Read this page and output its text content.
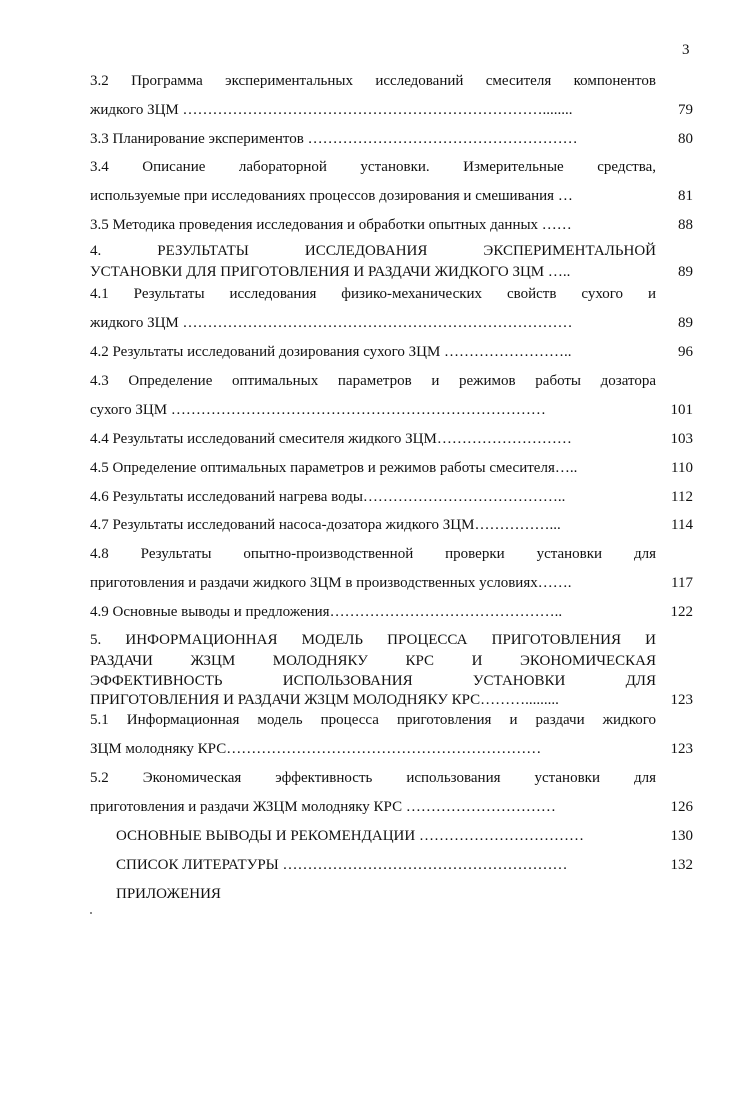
3
3.2 Программа экспериментальных исследований смесителя компонентов
жидкого ЗЦМ ………………………………………………………………........	79
3.3 Планирование экспериментов ………………………………………………	80
3.4 Описание лабораторной установки. Измерительные средства,
используемые при исследованиях процессов дозирования и смешивания …	81
3.5 Методика проведения исследования и обработки опытных данных ……	88
4. РЕЗУЛЬТАТЫ ИССЛЕДОВАНИЯ ЭКСПЕРИМЕНТАЛЬНОЙ
УСТАНОВКИ ДЛЯ ПРИГОТОВЛЕНИЯ И РАЗДАЧИ ЖИДКОГО ЗЦМ …..	89
4.1 Результаты исследования физико-механических свойств сухого и
жидкого ЗЦМ ……………………………………………………………………	89
4.2 Результаты исследований дозирования сухого ЗЦМ ……………………..	96
4.3 Определение оптимальных параметров и режимов работы дозатора
сухого ЗЦМ …………………………………………………………………	101
4.4 Результаты исследований смесителя жидкого ЗЦМ………………………	103
4.5 Определение оптимальных параметров и режимов работы смесителя…..	110
4.6 Результаты исследований нагрева воды…………………………………..	112
4.7 Результаты исследований насоса-дозатора жидкого ЗЦМ……………...	114
4.8 Результаты опытно-производственной проверки установки для
приготовления и раздачи жидкого ЗЦМ в производственных условиях…….	117
4.9 Основные выводы и предложения………………………………………..	122
5. ИНФОРМАЦИОННАЯ МОДЕЛЬ ПРОЦЕССА ПРИГОТОВЛЕНИЯ И
РАЗДАЧИ ЖЗЦМ МОЛОДНЯКУ КРС И ЭКОНОМИЧЕСКАЯ
ЭФФЕКТИВНОСТЬ ИСПОЛЬЗОВАНИЯ УСТАНОВКИ ДЛЯ
ПРИГОТОВЛЕНИЯ И РАЗДАЧИ ЖЗЦМ МОЛОДНЯКУ КРС……….........	123
5.1 Информационная модель процесса приготовления и раздачи жидкого
ЗЦМ молодняку КРС………………………………………………………	123
5.2 Экономическая эффективность использования установки для
приготовления и раздачи ЖЗЦМ молодняку КРС …………………………	126
ОСНОВНЫЕ ВЫВОДЫ И РЕКОМЕНДАЦИИ ……………………………	130
СПИСОК ЛИТЕРАТУРЫ …………………………………………………	132
ПРИЛОЖЕНИЯ
